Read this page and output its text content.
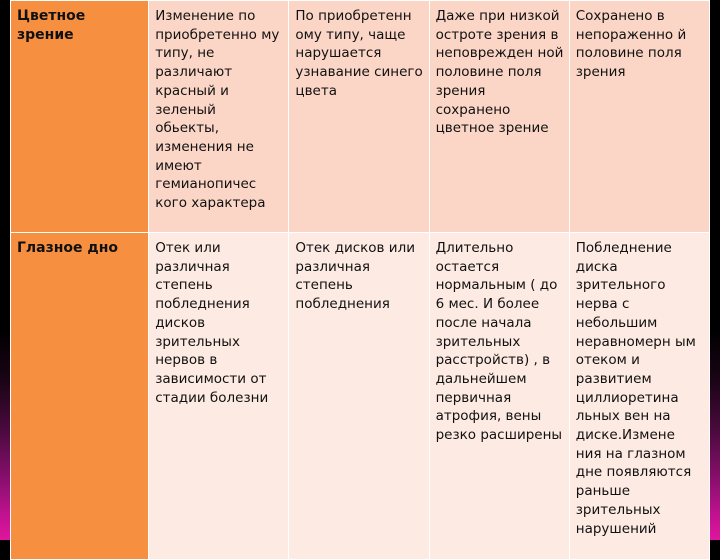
Цветное зрение	Изменение по приобретенно му типу, не различают красный и зеленый обьекты, изменения не имеют гемианопичес кого характера	По приобретенн ому типу, чаще нарушается узнавание синего цвета	Даже при низкой остроте зрения в неповрежден ной половине поля зрения сохранено цветное зрение	Сохранено в непораженно й половине поля зрения
Глазное дно	Отек или различная степень побледнения дисков зрительных нервов в зависимости от стадии болезни	Отек дисков или различная степень побледнения	Длительно остается нормальным ( до 6 мес. И более после начала зрительных расстройств) , в дальнейшем первичная атрофия, вены резко расширены	Побледнение диска зрительного нерва с небольшим неравномерн ым отеком и развитием циллиоретина льных вен на диске.Измене ния на глазном дне появляются раньше зрительных нарушений
